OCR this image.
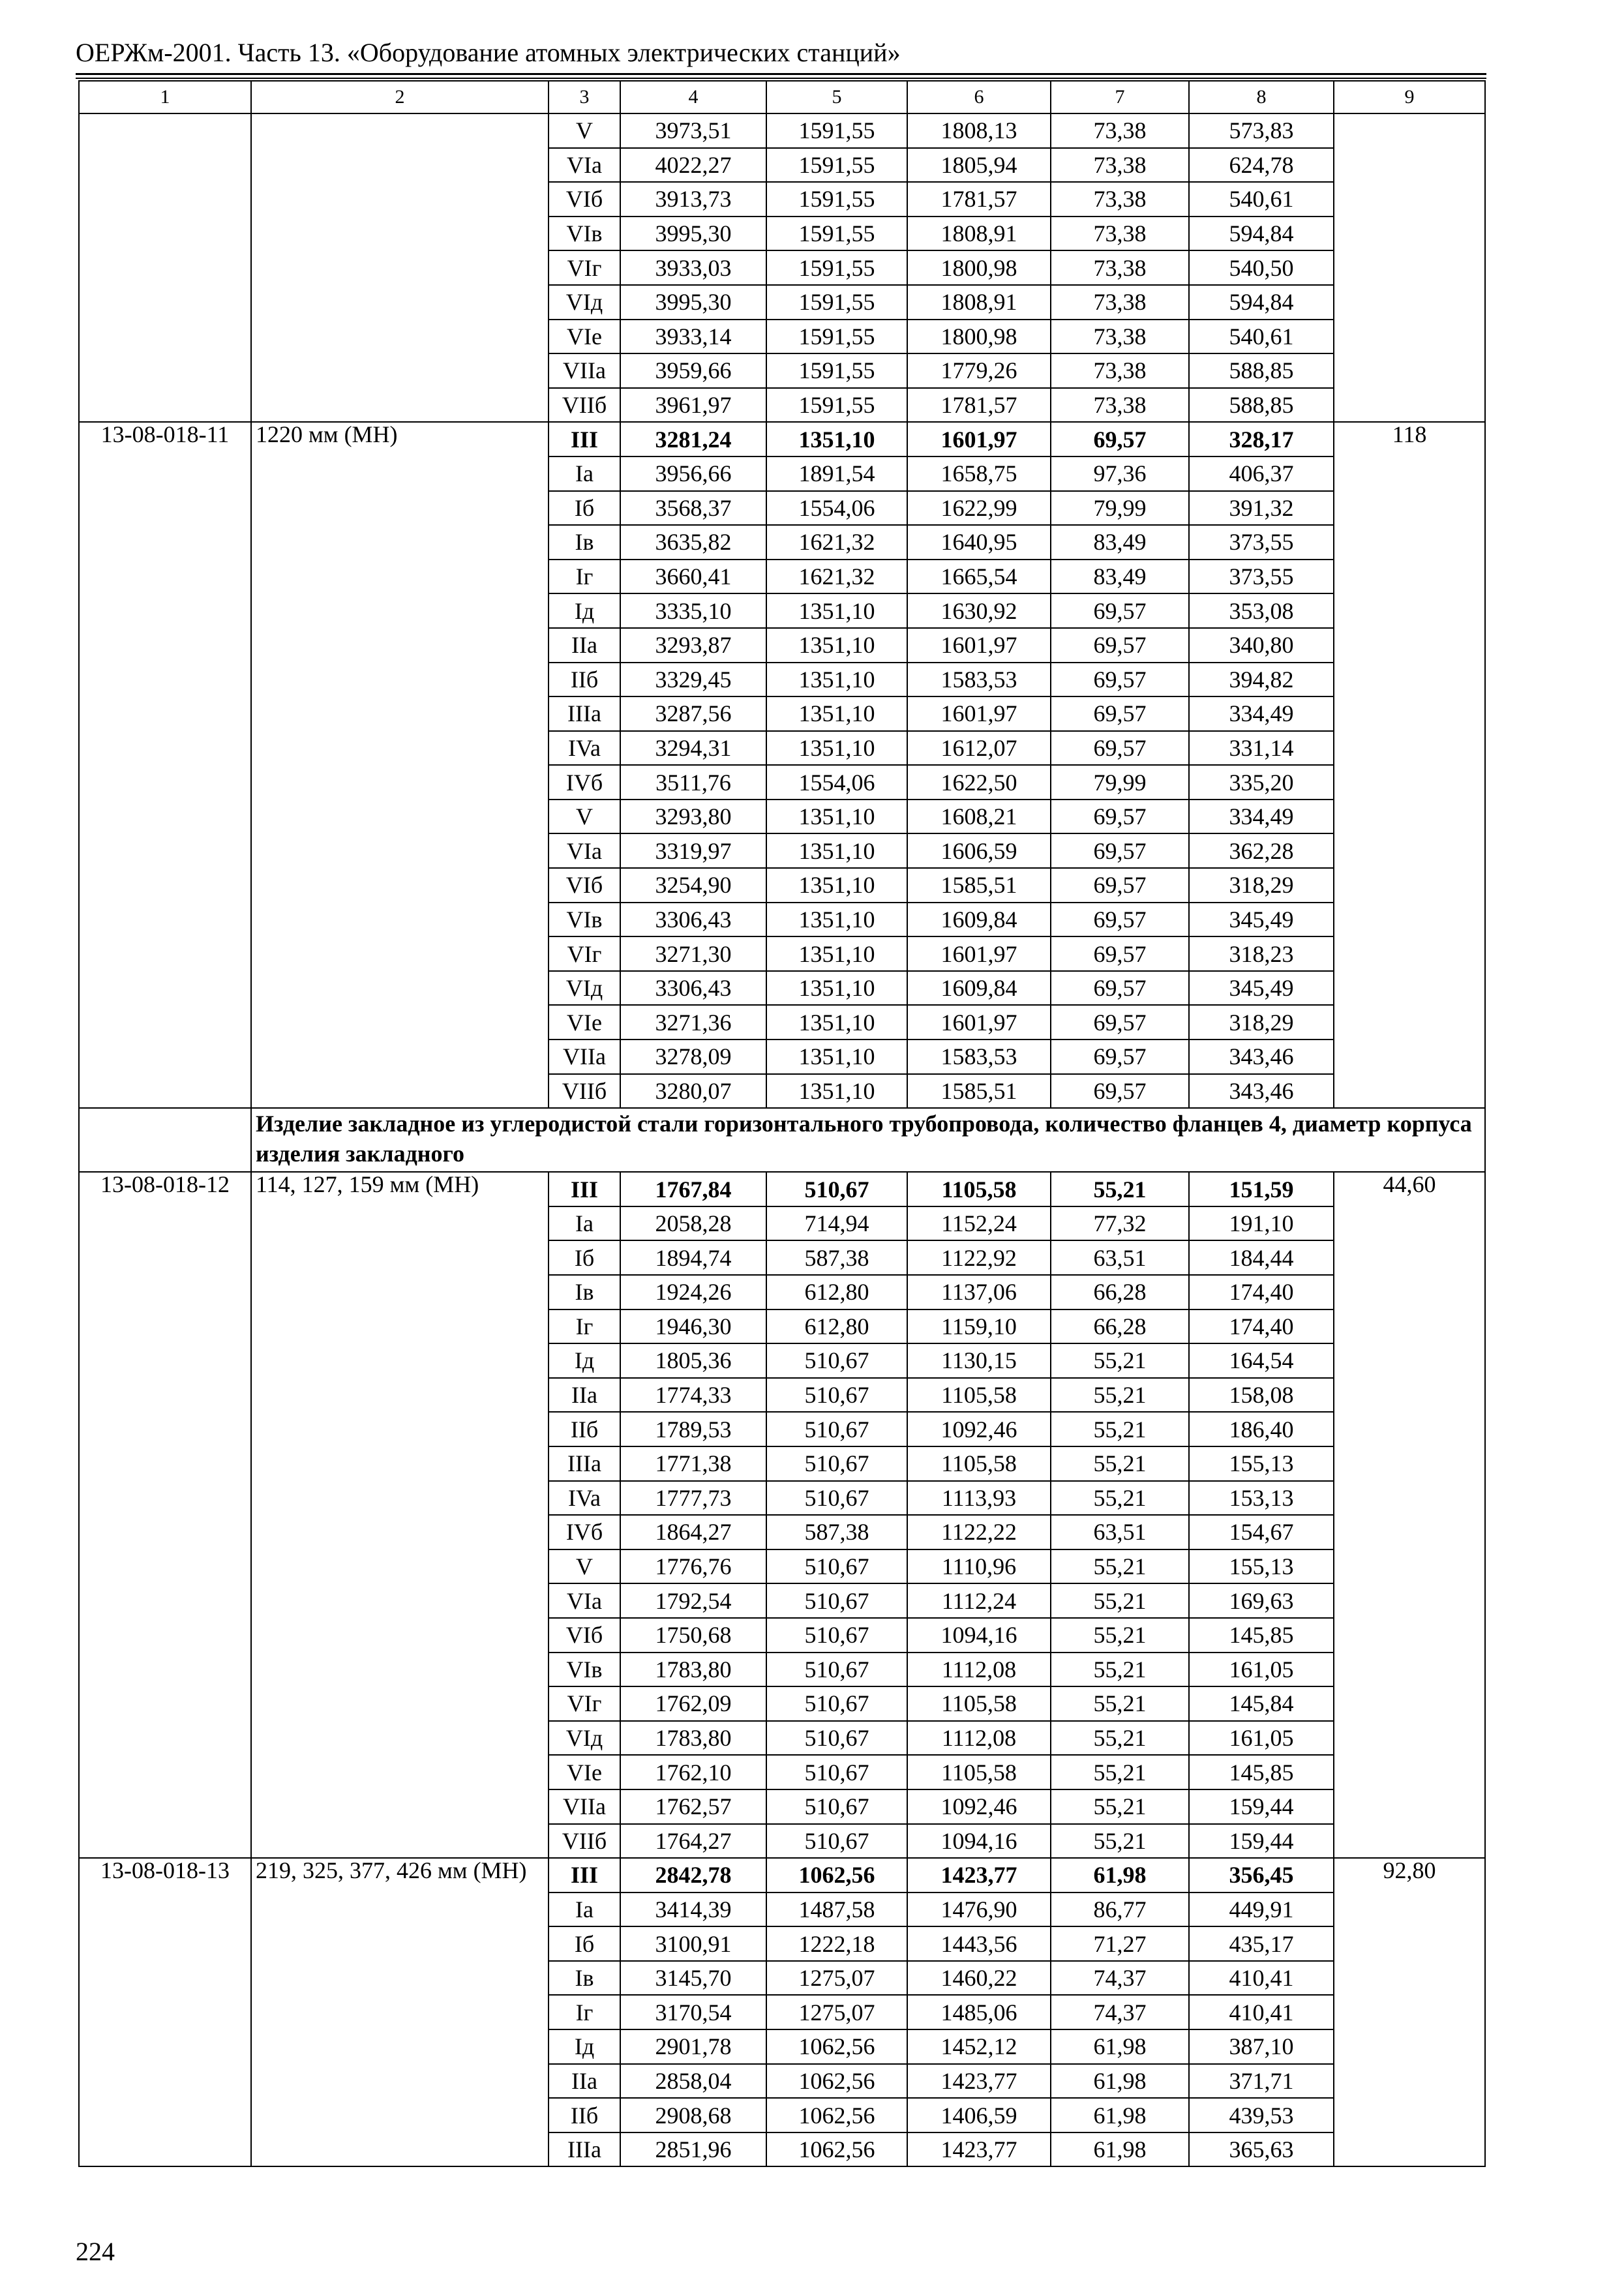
ОЕРЖм-2001. Часть 13. «Оборудование атомных электрических станций»
1	2	3	4	5	6	7	8	9
		V	3973,51	1591,55	1808,13	73,38	573,83	
		VIa	4022,27	1591,55	1805,94	73,38	624,78	
		VIб	3913,73	1591,55	1781,57	73,38	540,61	
		VIв	3995,30	1591,55	1808,91	73,38	594,84	
		VIг	3933,03	1591,55	1800,98	73,38	540,50	
		VIд	3995,30	1591,55	1808,91	73,38	594,84	
		VIe	3933,14	1591,55	1800,98	73,38	540,61	
		VIIa	3959,66	1591,55	1779,26	73,38	588,85	
		VIIб	3961,97	1591,55	1781,57	73,38	588,85	
13-08-018-11	1220 мм (МН)	III	3281,24	1351,10	1601,97	69,57	328,17	118
		Ia	3956,66	1891,54	1658,75	97,36	406,37	
		Iб	3568,37	1554,06	1622,99	79,99	391,32	
		Iв	3635,82	1621,32	1640,95	83,49	373,55	
		Iг	3660,41	1621,32	1665,54	83,49	373,55	
		Iд	3335,10	1351,10	1630,92	69,57	353,08	
		IIa	3293,87	1351,10	1601,97	69,57	340,80	
		IIб	3329,45	1351,10	1583,53	69,57	394,82	
		IIIa	3287,56	1351,10	1601,97	69,57	334,49	
		IVa	3294,31	1351,10	1612,07	69,57	331,14	
		IVб	3511,76	1554,06	1622,50	79,99	335,20	
		V	3293,80	1351,10	1608,21	69,57	334,49	
		VIa	3319,97	1351,10	1606,59	69,57	362,28	
		VIб	3254,90	1351,10	1585,51	69,57	318,29	
		VIв	3306,43	1351,10	1609,84	69,57	345,49	
		VIг	3271,30	1351,10	1601,97	69,57	318,23	
		VIд	3306,43	1351,10	1609,84	69,57	345,49	
		VIe	3271,36	1351,10	1601,97	69,57	318,29	
		VIIa	3278,09	1351,10	1583,53	69,57	343,46	
		VIIб	3280,07	1351,10	1585,51	69,57	343,46	
	Изделие закладное из углеродистой стали горизонтального трубопровода, количество фланцев 4, диаметр корпуса изделия закладного							
13-08-018-12	114, 127, 159 мм (МН)	III	1767,84	510,67	1105,58	55,21	151,59	44,60
		Ia	2058,28	714,94	1152,24	77,32	191,10	
		Iб	1894,74	587,38	1122,92	63,51	184,44	
		Iв	1924,26	612,80	1137,06	66,28	174,40	
		Iг	1946,30	612,80	1159,10	66,28	174,40	
		Iд	1805,36	510,67	1130,15	55,21	164,54	
		IIa	1774,33	510,67	1105,58	55,21	158,08	
		IIб	1789,53	510,67	1092,46	55,21	186,40	
		IIIa	1771,38	510,67	1105,58	55,21	155,13	
		IVa	1777,73	510,67	1113,93	55,21	153,13	
		IVб	1864,27	587,38	1122,22	63,51	154,67	
		V	1776,76	510,67	1110,96	55,21	155,13	
		VIa	1792,54	510,67	1112,24	55,21	169,63	
		VIб	1750,68	510,67	1094,16	55,21	145,85	
		VIв	1783,80	510,67	1112,08	55,21	161,05	
		VIг	1762,09	510,67	1105,58	55,21	145,84	
		VIд	1783,80	510,67	1112,08	55,21	161,05	
		VIe	1762,10	510,67	1105,58	55,21	145,85	
		VIIa	1762,57	510,67	1092,46	55,21	159,44	
		VIIб	1764,27	510,67	1094,16	55,21	159,44	
13-08-018-13	219, 325, 377, 426 мм (МН)	III	2842,78	1062,56	1423,77	61,98	356,45	92,80
		Ia	3414,39	1487,58	1476,90	86,77	449,91	
		Iб	3100,91	1222,18	1443,56	71,27	435,17	
		Iв	3145,70	1275,07	1460,22	74,37	410,41	
		Iг	3170,54	1275,07	1485,06	74,37	410,41	
		Iд	2901,78	1062,56	1452,12	61,98	387,10	
		IIa	2858,04	1062,56	1423,77	61,98	371,71	
		IIб	2908,68	1062,56	1406,59	61,98	439,53	
		IIIa	2851,96	1062,56	1423,77	61,98	365,63	
224
